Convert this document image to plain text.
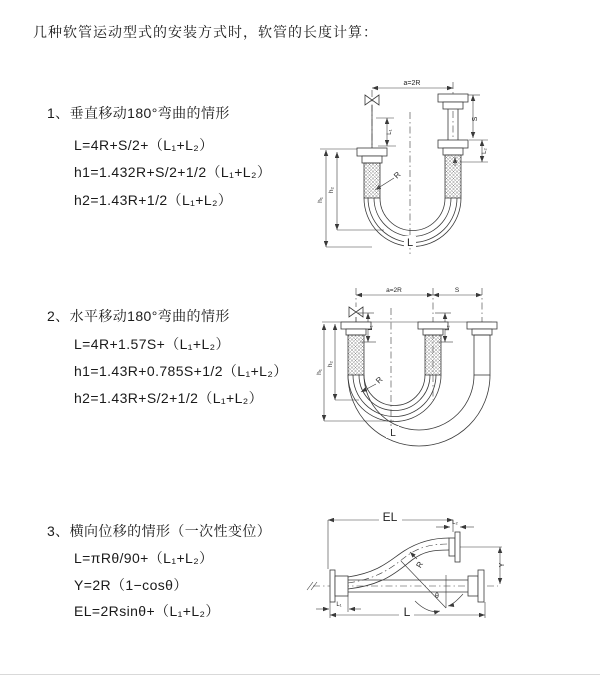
几种软管运动型式的安装方式时，软管的长度计算：
1、垂直移动180°弯曲的情形
L=4R+S/2+（L₁+L₂）
h1=1.432R+S/2+1/2（L₁+L₂）
h2=1.43R+1/2（L₁+L₂）
2、水平移动180°弯曲的情形
L=4R+1.57S+（L₁+L₂）
h1=1.43R+0.785S+1/2（L₁+L₂）
h2=1.43R+S/2+1/2（L₁+L₂）
3、横向位移的情形（一次性变位）
L=πRθ/90+（L₁+L₂）
Y=2R（1−cosθ）
EL=2Rsinθ+（L₁+L₂）
a=2R
S
L₁
L₂
h₁
h₂
R
L
a=2R	S
L₁	L₂
h₁
h₂
R
L
EL	L₂
Y
R
θ
L
L₁
